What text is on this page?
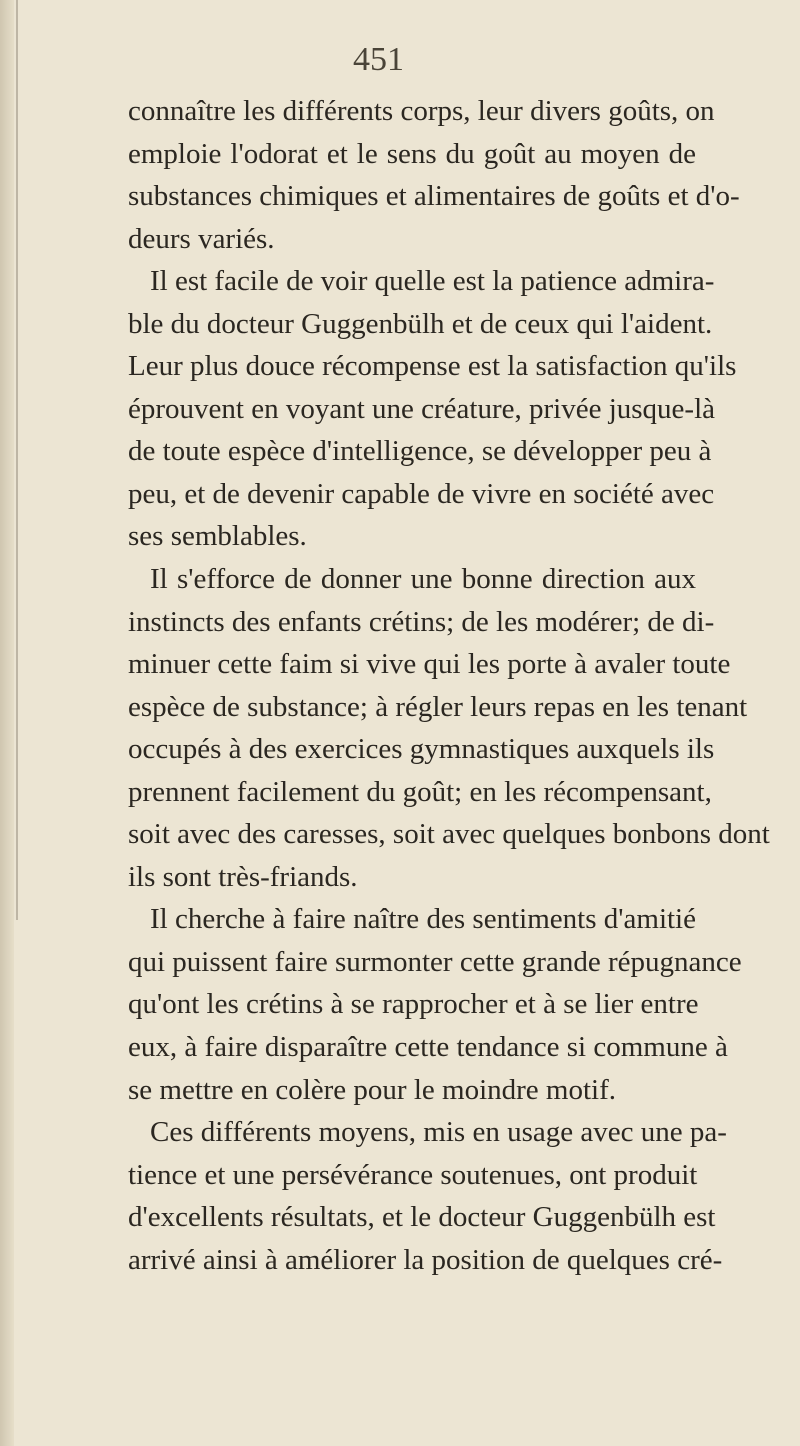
451

connaître les différents corps, leur divers goûts, on
emploie l'odorat et le sens du goût au moyen de
substances chimiques et alimentaires de goûts et d'o-
deurs variés.

Il est facile de voir quelle est la patience admira-
ble du docteur Guggenbülh et de ceux qui l'aident.
Leur plus douce récompense est la satisfaction qu'ils
éprouvent en voyant une créature, privée jusque-là
de toute espèce d'intelligence, se développer peu à
peu, et de devenir capable de vivre en société avec
ses semblables.

Il s'efforce de donner une bonne direction aux
instincts des enfants crétins; de les modérer; de di-
minuer cette faim si vive qui les porte à avaler toute
espèce de substance; à régler leurs repas en les tenant
occupés à des exercices gymnastiques auxquels ils
prennent facilement du goût; en les récompensant,
soit avec des caresses, soit avec quelques bonbons dont
ils sont très-friands.

Il cherche à faire naître des sentiments d'amitié
qui puissent faire surmonter cette grande répugnance
qu'ont les crétins à se rapprocher et à se lier entre
eux, à faire disparaître cette tendance si commune à
se mettre en colère pour le moindre motif.

Ces différents moyens, mis en usage avec une pa-
tience et une persévérance soutenues, ont produit
d'excellents résultats, et le docteur Guggenbülh est
arrivé ainsi à améliorer la position de quelques cré-
